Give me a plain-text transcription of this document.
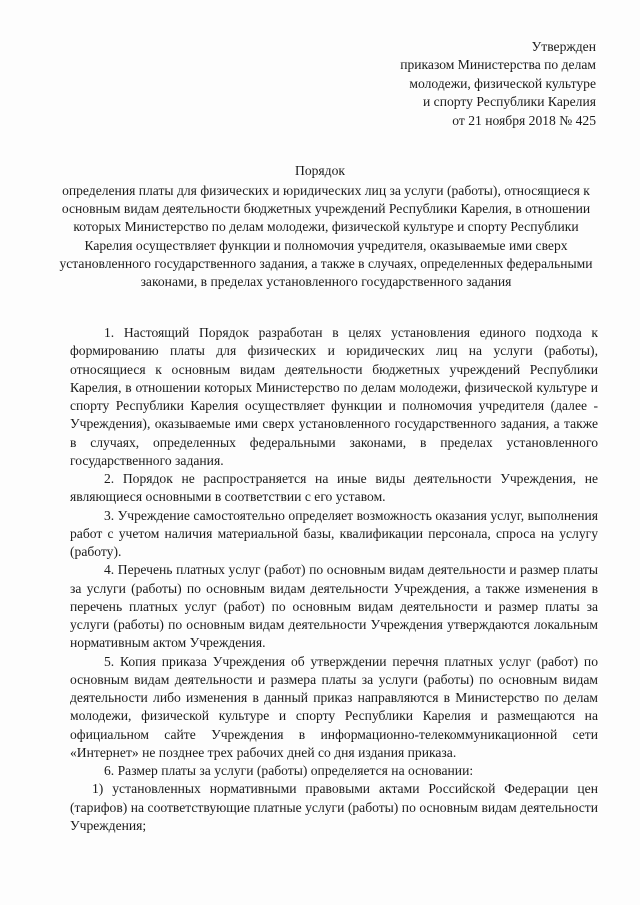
Утвержден
приказом Министерства по делам
молодежи, физической культуре
и спорту Республики Карелия
от 21 ноября 2018 № 425
Порядок
определения платы для физических и юридических лиц за услуги (работы), относящиеся к основным видам деятельности бюджетных учреждений Республики Карелия, в отношении которых Министерство по делам молодежи, физической культуре и спорту Республики Карелия осуществляет функции и полномочия учредителя, оказываемые ими сверх установленного государственного задания, а также в случаях, определенных федеральными законами, в пределах установленного государственного задания

1. Настоящий Порядок разработан в целях установления единого подхода к формированию платы для физических и юридических лиц на услуги (работы), относящиеся к основным видам деятельности бюджетных учреждений Республики Карелия, в отношении которых Министерство по делам молодежи, физической культуре и спорту Республики Карелия осуществляет функции и полномочия учредителя (далее - Учреждения), оказываемые ими сверх установленного государственного задания, а также в случаях, определенных федеральными законами, в пределах установленного государственного задания.

2. Порядок не распространяется на иные виды деятельности Учреждения, не являющиеся основными в соответствии с его уставом.

3. Учреждение самостоятельно определяет возможность оказания услуг, выполнения работ с учетом наличия материальной базы, квалификации персонала, спроса на услугу (работу).

4. Перечень платных услуг (работ) по основным видам деятельности и размер платы за услуги (работы) по основным видам деятельности Учреждения, а также изменения в перечень платных услуг (работ) по основным видам деятельности и размер платы за услуги (работы) по основным видам деятельности Учреждения утверждаются локальным нормативным актом Учреждения.

5. Копия приказа Учреждения об утверждении перечня платных услуг (работ) по основным видам деятельности и размера платы за услуги (работы) по основным видам деятельности либо изменения в данный приказ направляются в Министерство по делам молодежи, физической культуре и спорту Республики Карелия и размещаются на официальном сайте Учреждения в информационно-телекоммуникационной сети «Интернет» не позднее трех рабочих дней со дня издания приказа.

6. Размер платы за услуги (работы) определяется на основании:

1) установленных нормативными правовыми актами Российской Федерации цен (тарифов) на соответствующие платные услуги (работы) по основным видам деятельности Учреждения;
